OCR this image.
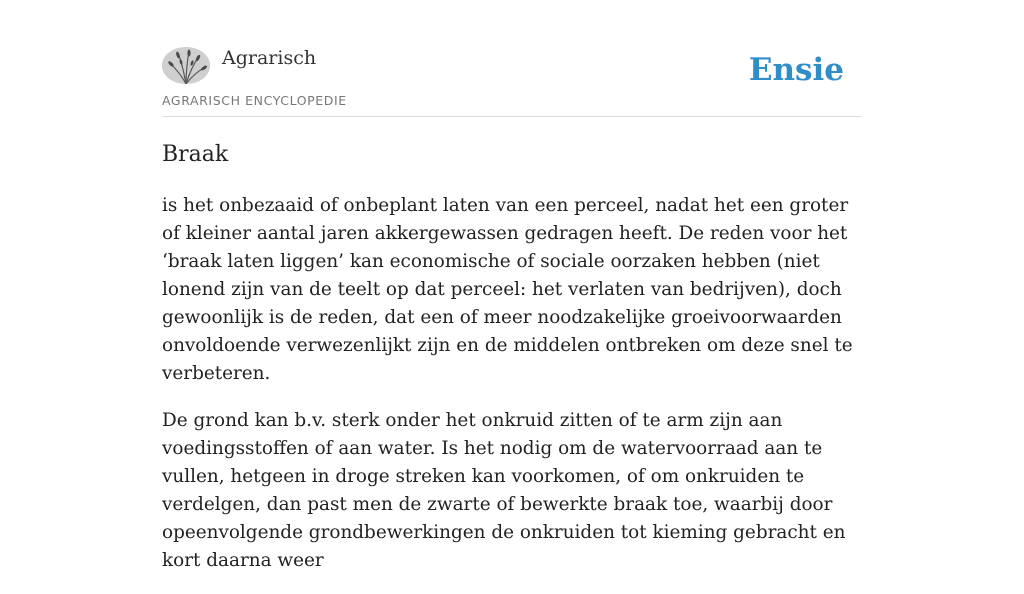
Agrarisch
AGRARISCH ENCYCLOPEDIE
Ensie
Braak

is het onbezaaid of onbeplant laten van een perceel, nadat het een groter of kleiner aantal jaren akkergewassen gedragen heeft. De reden voor het ‘braak laten liggen’ kan economische of sociale oorzaken hebben (niet lonend zijn van de teelt op dat perceel: het verlaten van bedrijven), doch gewoonlijk is de reden, dat een of meer noodzakelijke groeivoorwaarden onvoldoende verwezenlijkt zijn en de middelen ontbreken om deze snel te verbeteren.

De grond kan b.v. sterk onder het onkruid zitten of te arm zijn aan voedingsstoffen of aan water. Is het nodig om de watervoorraad aan te vullen, hetgeen in droge streken kan voorkomen, of om onkruiden te verdelgen, dan past men de zwarte of bewerkte braak toe, waarbij door opeenvolgende grondbewerkingen de onkruiden tot kieming gebracht en kort daarna weer
